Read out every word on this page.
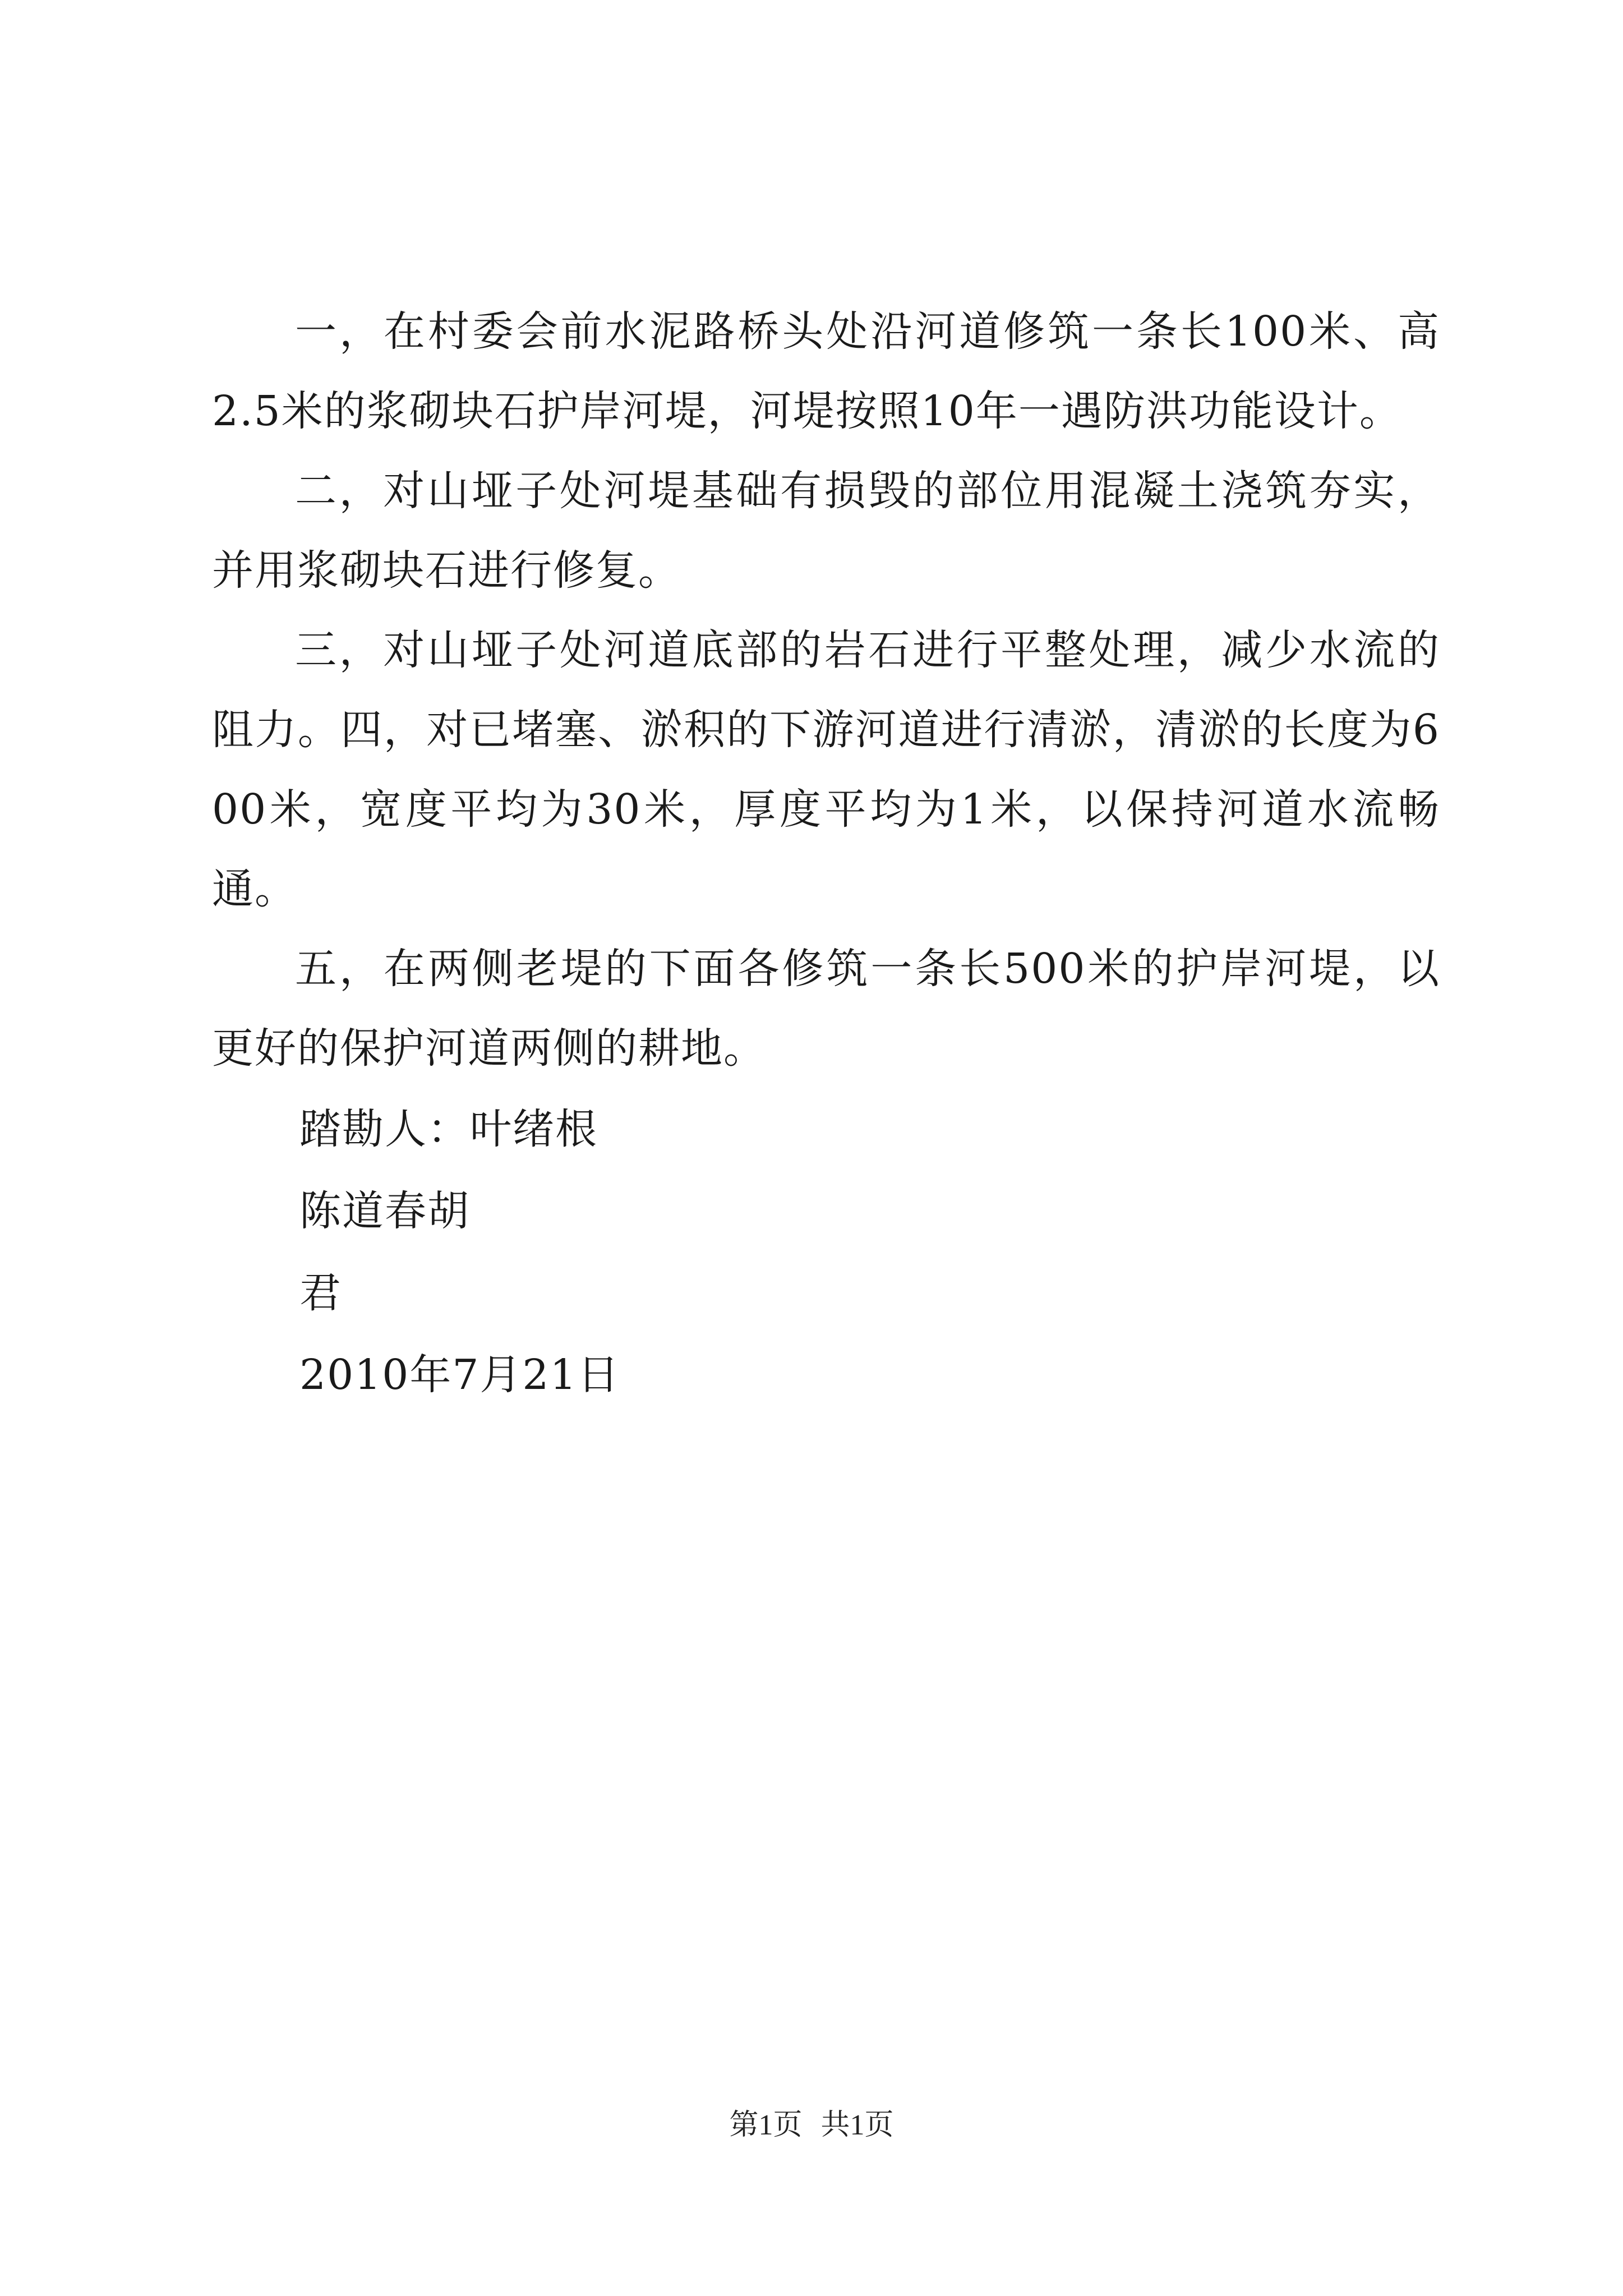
一，在村委会前水泥路桥头处沿河道修筑一条长100米、高2.5米的浆砌块石护岸河堤，河堤按照10年一遇防洪功能设计。

二，对山垭子处河堤基础有损毁的部位用混凝土浇筑夯实，并用浆砌块石进行修复。

三，对山垭子处河道底部的岩石进行平整处理，减少水流的阻力。四，对已堵塞、淤积的下游河道进行清淤，清淤的长度为600米，宽度平均为30米，厚度平均为1米，以保持河道水流畅通。

五，在两侧老堤的下面各修筑一条长500米的护岸河堤，以更好的保护河道两侧的耕地。

踏勘人：叶绪根

陈道春胡

君

2010年7月21日

第1页 共1页
